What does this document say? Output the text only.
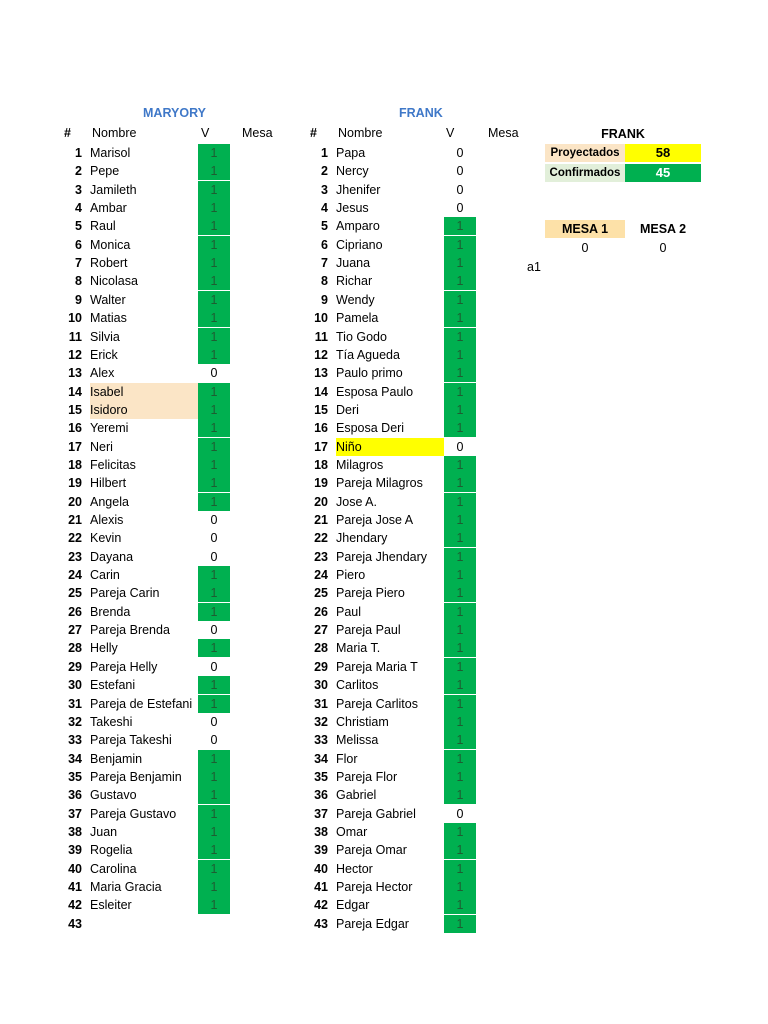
MARYORY	FRANK
# Nombre	V	Mesa	# Nombre	V	Mesa
1 Marisol	1
2 Pepe	1
3 Jamileth	1
4 Ambar	1
5 Raul	1
6 Monica	1
7 Robert	1
8 Nicolasa	1
9 Walter	1
10 Matias	1
11 Silvia	1
12 Erick	1
13 Alex	0
14 Isabel	1
15 Isidoro	1
16 Yeremi	1
17 Neri	1
18 Felicitas	1
19 Hilbert	1
20 Angela	1
21 Alexis	0
22 Kevin	0
23 Dayana	0
24 Carin	1
25 Pareja Carin	1
26 Brenda	1
27 Pareja Brenda	0
28 Helly	1
29 Pareja Helly	0
30 Estefani	1
31 Pareja de Estefani	1
32 Takeshi	0
33 Pareja Takeshi	0
34 Benjamin	1
35 Pareja Benjamin	1
36 Gustavo	1
37 Pareja Gustavo	1
38 Juan	1
39 Rogelia	1
40 Carolina	1
41 Maria Gracia	1
42 Esleiter	1
43
1 Papa	0
2 Nercy	0
3 Jhenifer	0
4 Jesus	0
5 Amparo	1
6 Cipriano	1
7 Juana	1
8 Richar	1
9 Wendy	1
10 Pamela	1
11 Tio Godo	1
12 Tía Agueda	1
13 Paulo primo	1
14 Esposa Paulo	1
15 Deri	1
16 Esposa Deri	1
17 Niño	0
18 Milagros	1
19 Pareja Milagros	1
20 Jose A.	1
21 Pareja Jose A	1
22 Jhendary	1
23 Pareja Jhendary	1
24 Piero	1
25 Pareja Piero	1
26 Paul	1
27 Pareja Paul	1
28 Maria T.	1
29 Pareja Maria T	1
30 Carlitos	1
31 Pareja Carlitos	1
32 Christiam	1
33 Melissa	1
34 Flor	1
35 Pareja Flor	1
36 Gabriel	1
37 Pareja Gabriel	0
38 Omar	1
39 Pareja Omar	1
40 Hector	1
41 Pareja Hector	1
42 Edgar	1
43 Pareja Edgar	1
FRANK
Proyectados	58
Confirmados	45
MESA 1	MESA 2
0	0
a1
